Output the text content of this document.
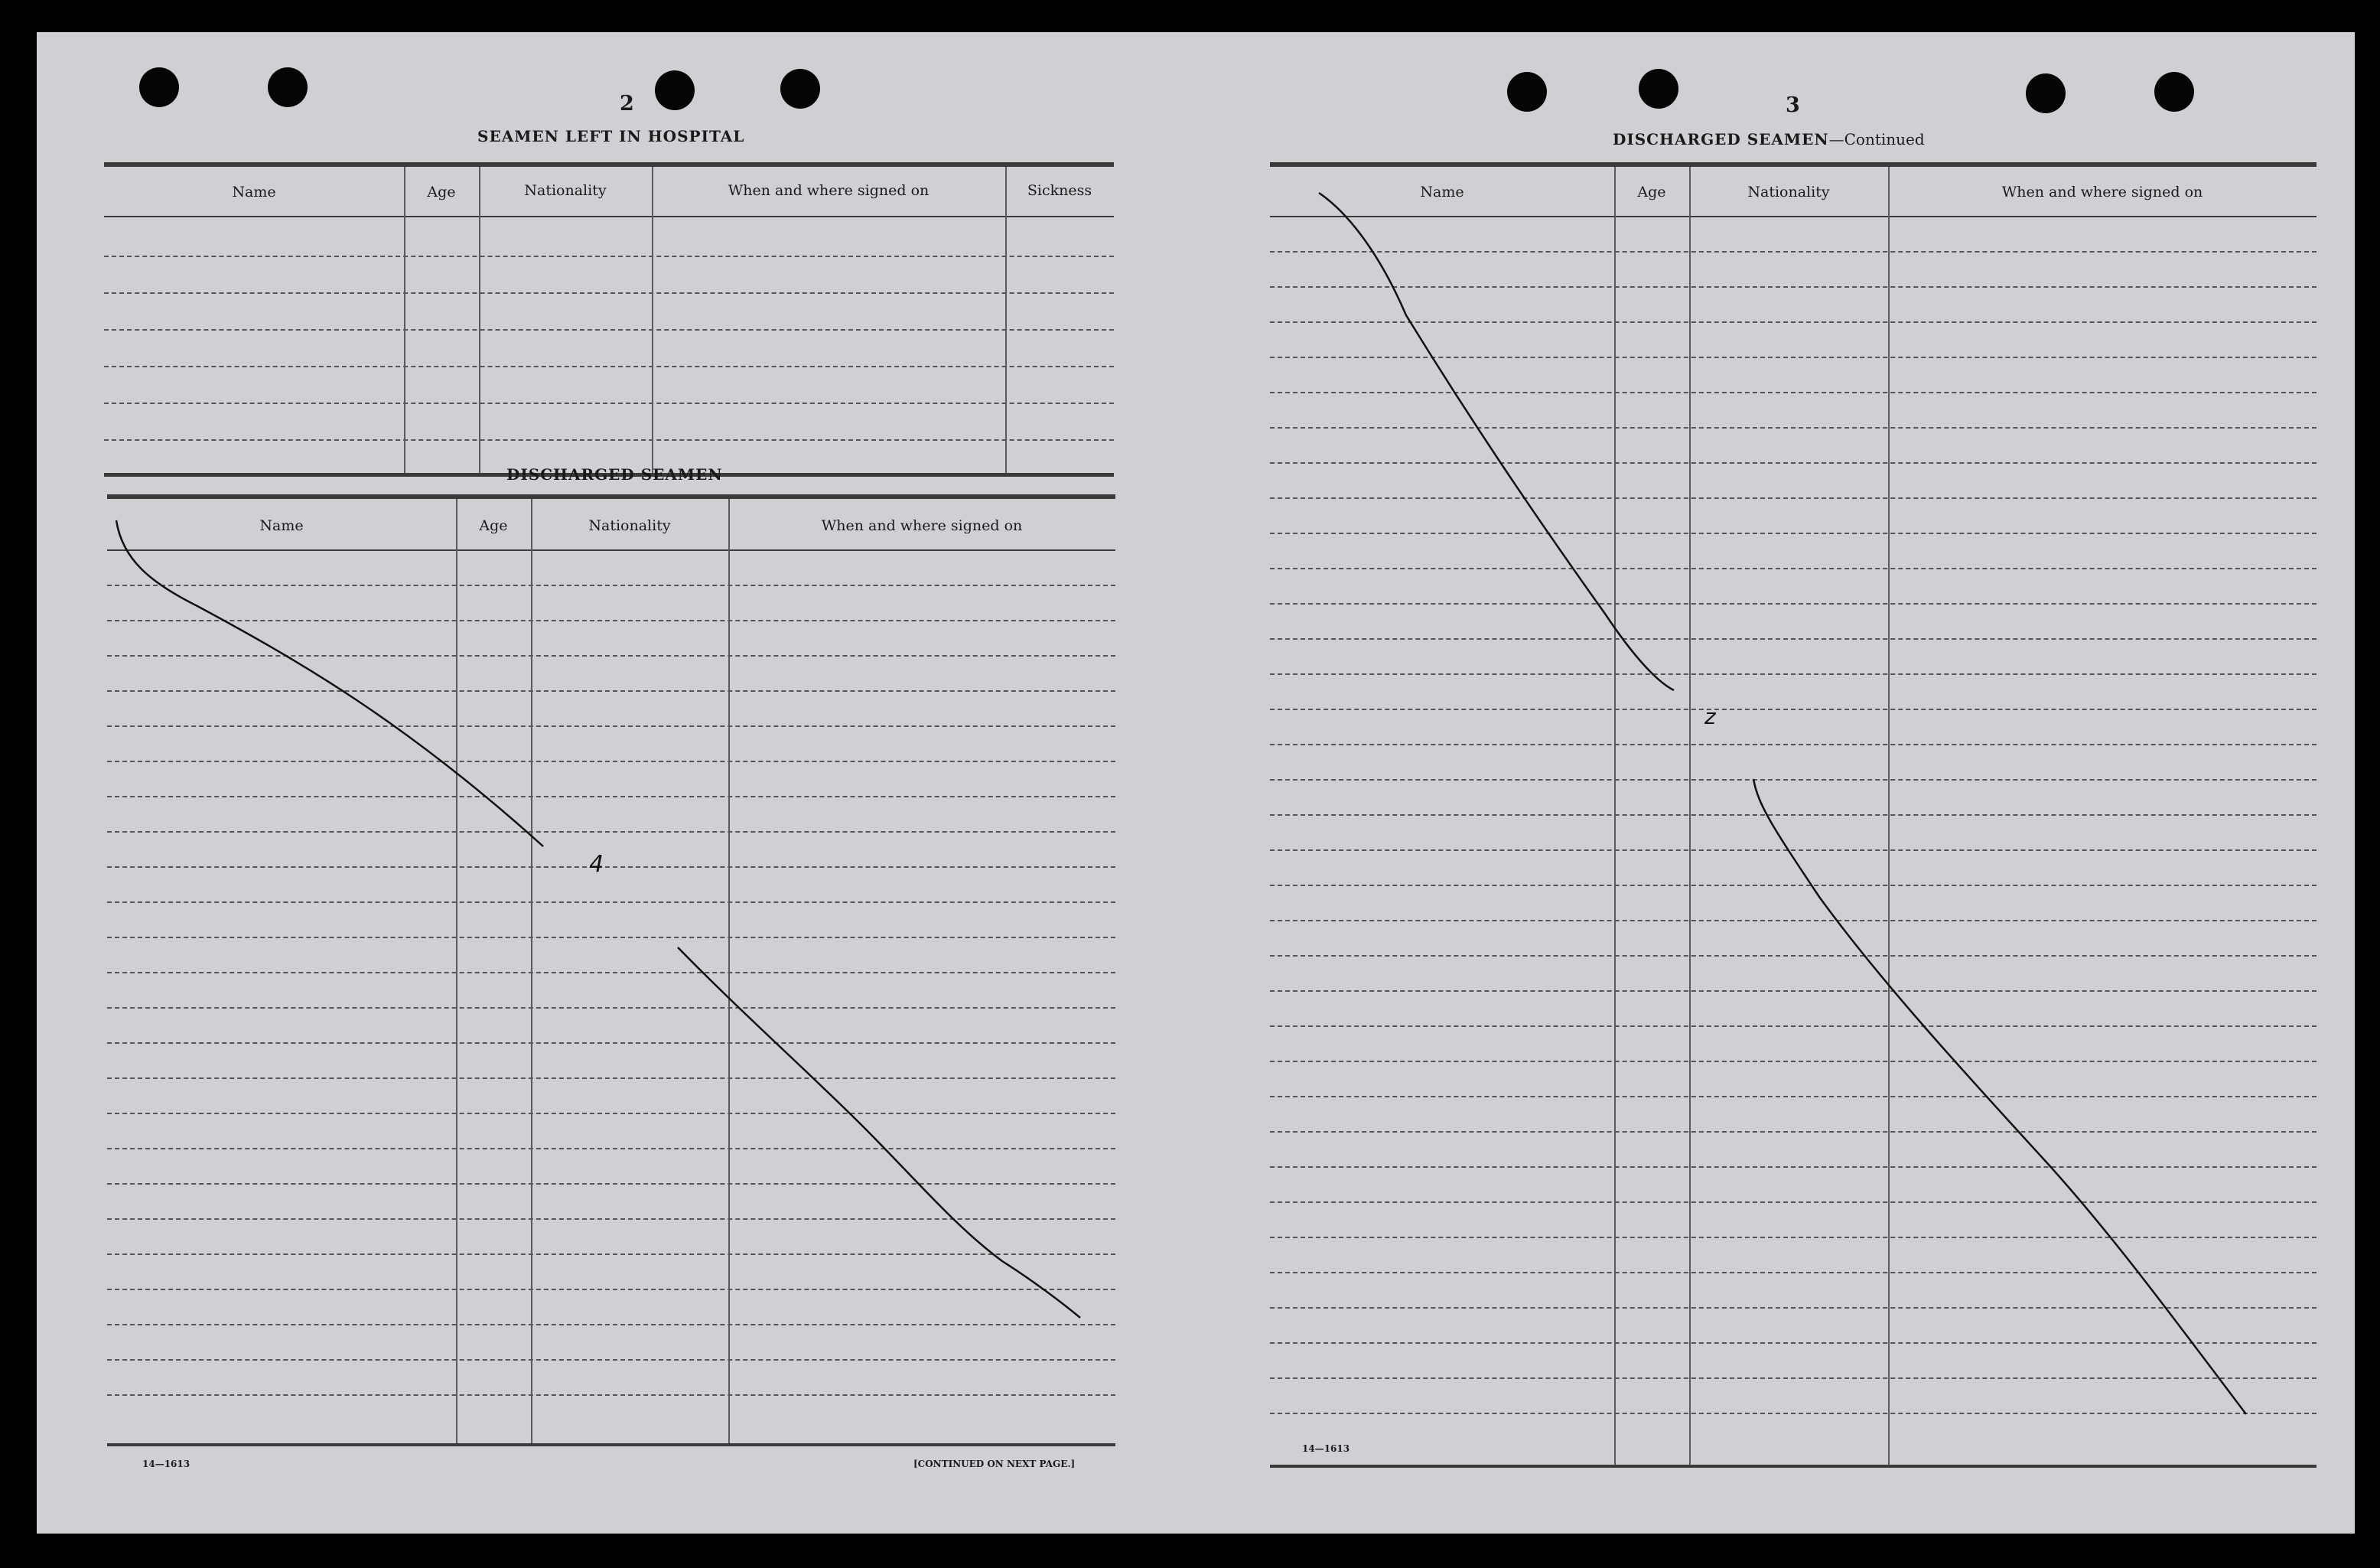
2
SEAMEN LEFT IN HOSPITAL
Name	Age	Nationality	When and where signed on	Sickness
DISCHARGED SEAMEN
Name	Age	Nationality	When and where signed on
14—1613	[CONTINUED ON NEXT PAGE.]
3
DISCHARGED SEAMEN—Continued
Name	Age	Nationality	When and where signed on
14—1613
4
z
